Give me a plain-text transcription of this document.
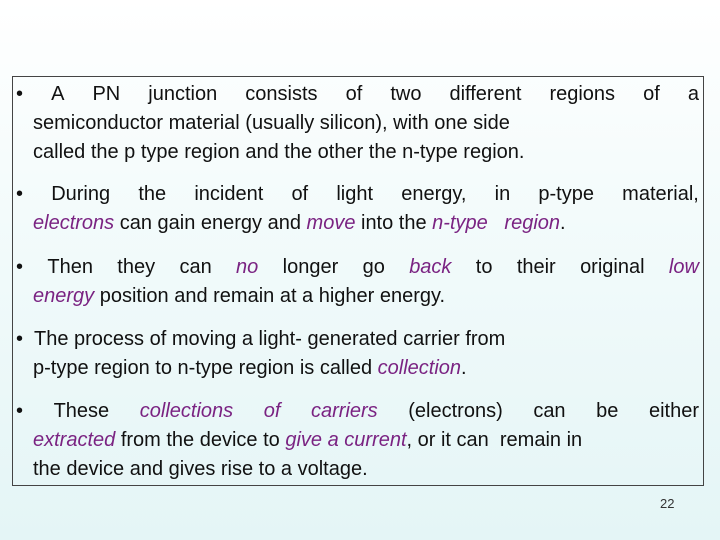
• A PN junction consists of two different regions of a
semiconductor material (usually silicon), with one side
called the p type region and the other the n-type region.
• During the incident of light energy, in p-type material,
electrons can gain energy and move into the n-type   region.
• Then they can no longer go back to their original low
energy position and remain at a higher energy.
• The process of moving a light- generated carrier from
p-type region to n-type region is called collection.
• These collections of carriers (electrons) can be either
extracted from the device to give a current, or it can  remain in
the device and gives rise to a voltage.
22
